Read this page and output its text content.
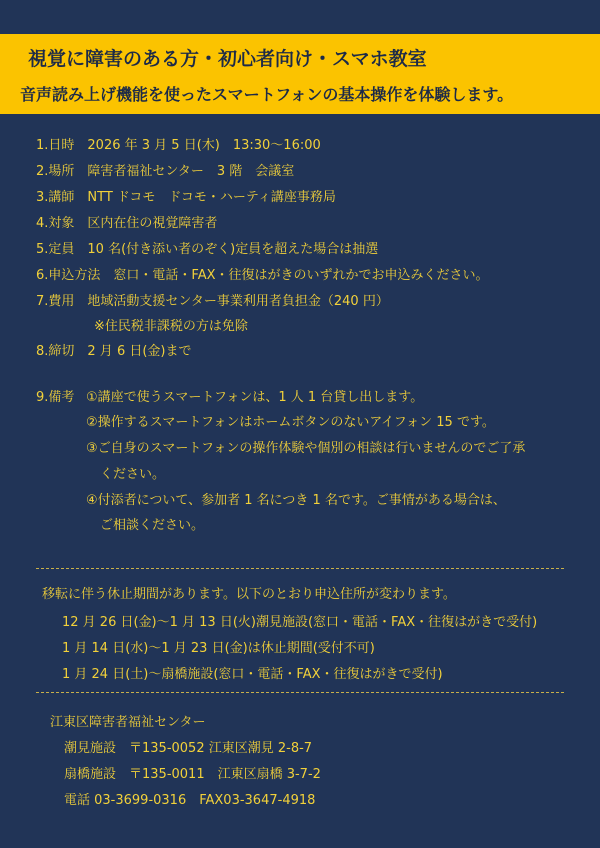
視覚に障害のある方・初心者向け・スマホ教室
音声読み上げ機能を使ったスマートフォンの基本操作を体験します。
1.日時　2026 年 3 月 5 日(木)　13:30～16:00
2.場所　障害者福祉センター　3 階　会議室
3.講師　NTT ドコモ　ドコモ・ハーティ講座事務局
4.対象　区内在住の視覚障害者
5.定員　10 名(付き添い者のぞく)定員を超えた場合は抽選
6.申込方法　窓口・電話・FAX・往復はがきのいずれかでお申込みください。
7.費用　地域活動支援センター事業利用者負担金（240 円）
※住民税非課税の方は免除
8.締切　2 月 6 日(金)まで
9.備考 ①講座で使うスマートフォンは、1 人 1 台貸し出します。
②操作するスマートフォンはホームボタンのないアイフォン 15 です。
③ご自身のスマートフォンの操作体験や個別の相談は行いませんのでご了承
ください。
④付添者について、参加者 1 名につき 1 名です。ご事情がある場合は、
ご相談ください。
移転に伴う休止期間があります。以下のとおり申込住所が変わります。
12 月 26 日(金)～1 月 13 日(火)潮見施設(窓口・電話・FAX・往復はがきで受付)
1 月 14 日(水)～1 月 23 日(金)は休止期間(受付不可)
1 月 24 日(土)～扇橋施設(窓口・電話・FAX・往復はがきで受付)
江東区障害者福祉センター
潮見施設　〒135-0052 江東区潮見 2-8-7
扇橋施設　〒135-0011　江東区扇橋 3-7-2
電話 03-3699-0316　FAX03-3647-4918
